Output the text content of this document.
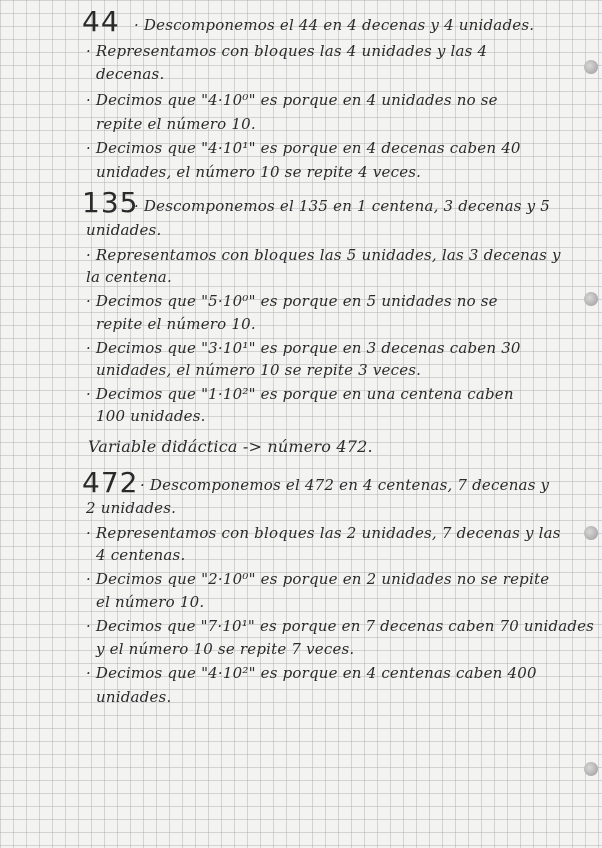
44 · Descomponemos el 44 en 4 decenas y 4 unidades.
· Representamos con bloques las 4 unidades y las 4
decenas.
· Decimos que "4·10⁰" es porque en 4 unidades no se
repite el número 10.
· Decimos que "4·10¹" es porque en 4 decenas caben 40
unidades, el número 10 se repite 4 veces.
135
· Descomponemos el 135 en 1 centena, 3 decenas y 5
unidades.
· Representamos con bloques las 5 unidades, las 3 decenas y
la centena.
· Decimos que "5·10⁰" es porque en 5 unidades no se
repite el número 10.
· Decimos que "3·10¹" es porque en 3 decenas caben 30
unidades, el número 10 se repite 3 veces.
· Decimos que "1·10²" es porque en una centena caben
100 unidades.
Variable didáctica -> número 472.
472 · Descomponemos el 472 en 4 centenas, 7 decenas y
2 unidades.
· Representamos con bloques las 2 unidades, 7 decenas y las
4 centenas.
· Decimos que "2·10⁰" es porque en 2 unidades no se repite
el número 10.
· Decimos que "7·10¹" es porque en 7 decenas caben 70 unidades
y el número 10 se repite 7 veces.
· Decimos que "4·10²" es porque en 4 centenas caben 400
unidades.
